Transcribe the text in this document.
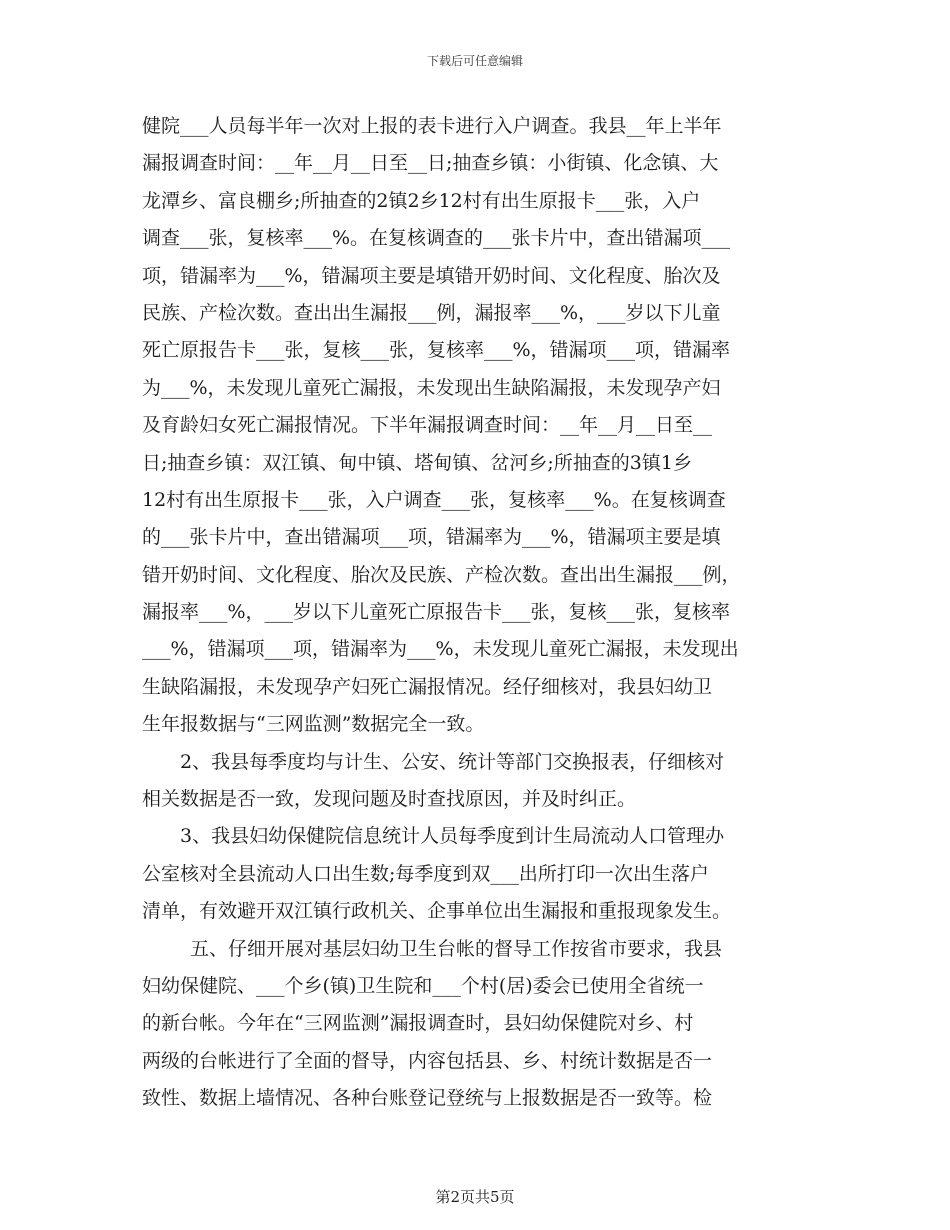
下载后可任意编辑
健院___人员每半年一次对上报的表卡进行入户调查。我县__年上半年
漏报调查时间：__年__月__日至__日;抽查乡镇：小街镇、化念镇、大
龙潭乡、富良棚乡;所抽查的2镇2乡12村有出生原报卡___张，入户
调查___张，复核率___%。在复核调查的___张卡片中，查出错漏项___
项，错漏率为___%，错漏项主要是填错开奶时间、文化程度、胎次及
民族、产检次数。查出出生漏报___例，漏报率___%，___岁以下儿童
死亡原报告卡___张，复核___张，复核率___%，错漏项___项，错漏率
为___%，未发现儿童死亡漏报，未发现出生缺陷漏报，未发现孕产妇
及育龄妇女死亡漏报情况。下半年漏报调查时间：__年__月__日至__
日;抽查乡镇：双江镇、甸中镇、塔甸镇、岔河乡;所抽查的3镇1乡
12村有出生原报卡___张，入户调查___张，复核率___%。在复核调查
的___张卡片中，查出错漏项___项，错漏率为___%，错漏项主要是填
错开奶时间、文化程度、胎次及民族、产检次数。查出出生漏报___例，
漏报率___%，___岁以下儿童死亡原报告卡___张，复核___张，复核率
___%，错漏项___项，错漏率为___%，未发现儿童死亡漏报，未发现出
生缺陷漏报，未发现孕产妇死亡漏报情况。经仔细核对，我县妇幼卫
生年报数据与“三网监测”数据完全一致。
2、我县每季度均与计生、公安、统计等部门交换报表，仔细核对
相关数据是否一致，发现问题及时查找原因，并及时纠正。
3、我县妇幼保健院信息统计人员每季度到计生局流动人口管理办
公室核对全县流动人口出生数;每季度到双___出所打印一次出生落户
清单，有效避开双江镇行政机关、企事单位出生漏报和重报现象发生。
五、仔细开展对基层妇幼卫生台帐的督导工作按省市要求，我县
妇幼保健院、___个乡(镇)卫生院和___个村(居)委会已使用全省统一
的新台帐。今年在“三网监测”漏报调查时，县妇幼保健院对乡、村
两级的台帐进行了全面的督导，内容包括县、乡、村统计数据是否一
致性、数据上墙情况、各种台账登记登统与上报数据是否一致等。检
第2页共5页
